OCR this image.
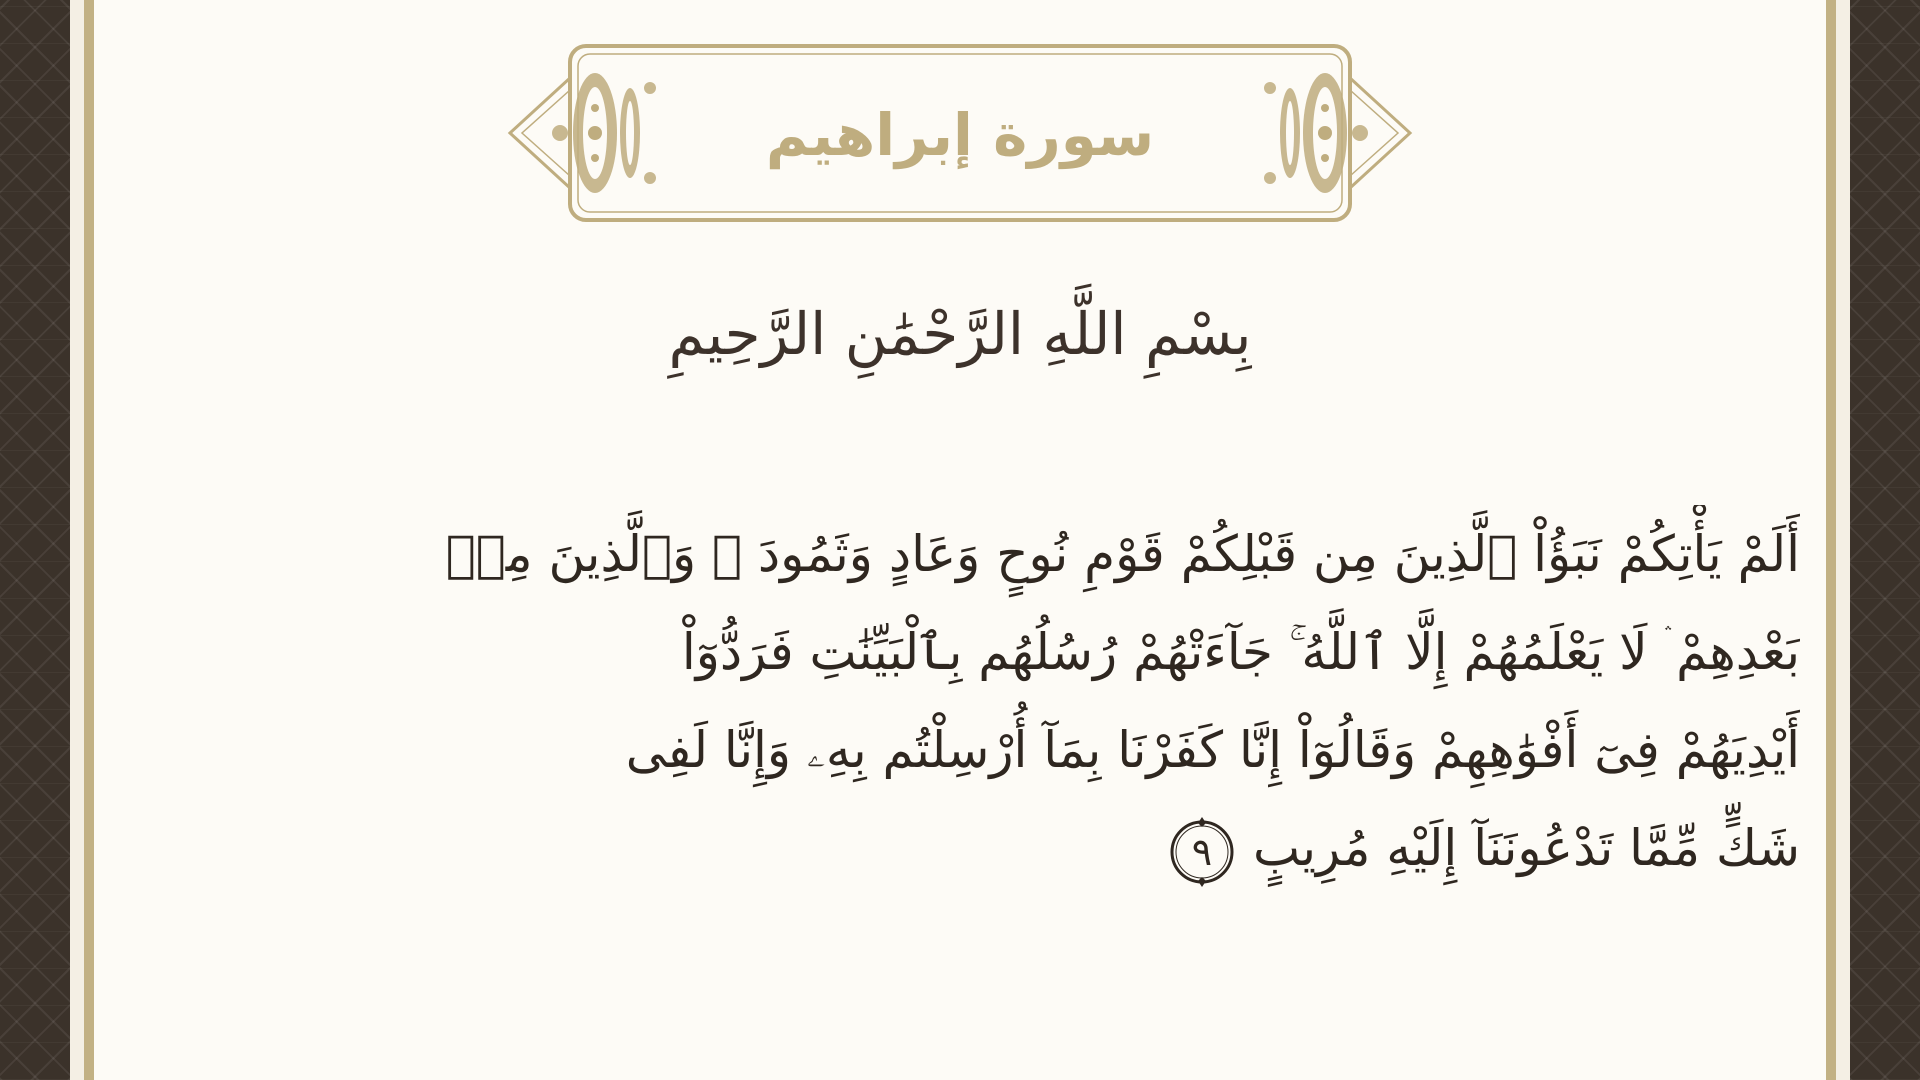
سورة إبراهيم
بِسْمِ اللَّهِ الرَّحْمَٰنِ الرَّحِيمِ
أَلَمْ يَأْتِكُمْ نَبَؤُاْ ٱلَّذِينَ مِن قَبْلِكُمْ قَوْمِ نُوحٍ وَعَادٍ وَثَمُودَ ۛ وَٱلَّذِينَ مِنۢ
بَعْدِهِمْ ۛ لَا يَعْلَمُهُمْ إِلَّا ٱللَّهُ ۚ جَآءَتْهُمْ رُسُلُهُم بِٱلْبَيِّنَٰتِ فَرَدُّوٓاْ
أَيْدِيَهُمْ فِىٓ أَفْوَٰهِهِمْ وَقَالُوٓاْ إِنَّا كَفَرْنَا بِمَآ أُرْسِلْتُم بِهِۦ وَإِنَّا لَفِى
شَكٍّ مِّمَّا تَدْعُونَنَآ إِلَيْهِ مُرِيبٍ
٩
